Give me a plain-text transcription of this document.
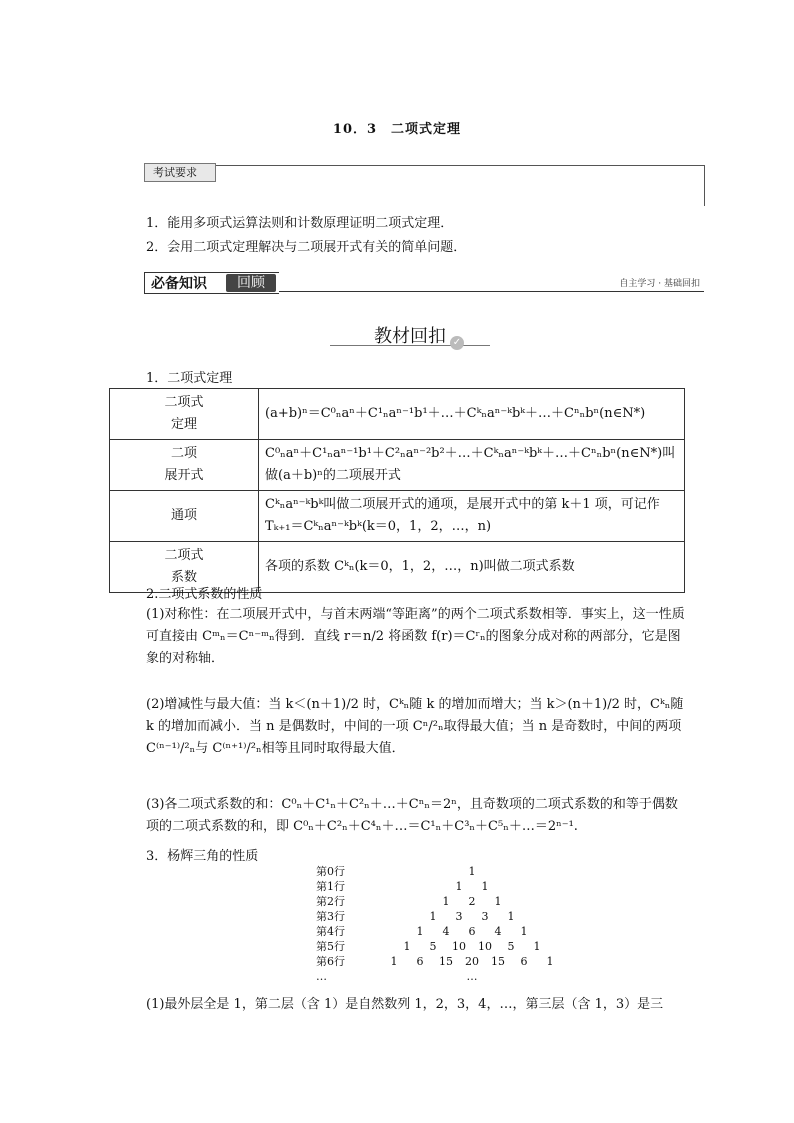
10．3　二项式定理
考试要求
1．能用多项式运算法则和计数原理证明二项式定理．
2．会用二项式定理解决与二项展开式有关的简单问题．
必备知识	回顾	自主学习 · 基础回扣
教材回扣 ✓
1．二项式定理
二项式
定理	(a+b)ⁿ＝C⁰ₙaⁿ＋C¹ₙaⁿ⁻¹b¹＋…＋Cᵏₙaⁿ⁻ᵏbᵏ＋…＋Cⁿₙbⁿ(n∈N*)

二项
展开式	C⁰ₙaⁿ＋C¹ₙaⁿ⁻¹b¹＋C²ₙaⁿ⁻²b²＋…＋Cᵏₙaⁿ⁻ᵏbᵏ＋…＋Cⁿₙbⁿ(n∈N*)叫做(a＋b)ⁿ的二项展开式

通项	Cᵏₙaⁿ⁻ᵏbᵏ叫做二项展开式的通项，是展开式中的第 k＋1 项，可记作 Tₖ₊₁＝Cᵏₙaⁿ⁻ᵏbᵏ(k＝0，1，2，…，n)

二项式
系数	各项的系数 Cᵏₙ(k＝0，1，2，…，n)叫做二项式系数
2.二项式系数的性质
(1)对称性：在二项展开式中，与首末两端“等距离”的两个二项式系数相等．事实上，这一性质可直接由 Cᵐₙ＝Cⁿ⁻ᵐₙ得到．直线 r＝n/2 将函数 f(r)＝Cʳₙ的图象分成对称的两部分，它是图象的对称轴．
(2)增减性与最大值：当 k＜(n＋1)/2 时，Cᵏₙ随 k 的增加而增大；当 k＞(n＋1)/2 时，Cᵏₙ随 k 的增加而减小．当 n 是偶数时，中间的一项 Cⁿ/²ₙ取得最大值；当 n 是奇数时，中间的两项 C⁽ⁿ⁻¹⁾/²ₙ与 C⁽ⁿ⁺¹⁾/²ₙ相等且同时取得最大值．
(3)各二项式系数的和：C⁰ₙ＋C¹ₙ＋C²ₙ＋…＋Cⁿₙ＝2ⁿ，且奇数项的二项式系数的和等于偶数项的二项式系数的和，即 C⁰ₙ＋C²ₙ＋C⁴ₙ＋…＝C¹ₙ＋C³ₙ＋C⁵ₙ＋…＝2ⁿ⁻¹.
3．杨辉三角的性质
第0行	1
第1行	1 1
第2行	1 2 1
第3行	1 3 3 1
第4行	1 4 6 4 1
第5行	1 5 10 10 5 1
第6行	1 6 15 20 15 6 1
…	…
(1)最外层全是 1，第二层（含 1）是自然数列 1，2，3，4，…，第三层（含 1，3）是三
